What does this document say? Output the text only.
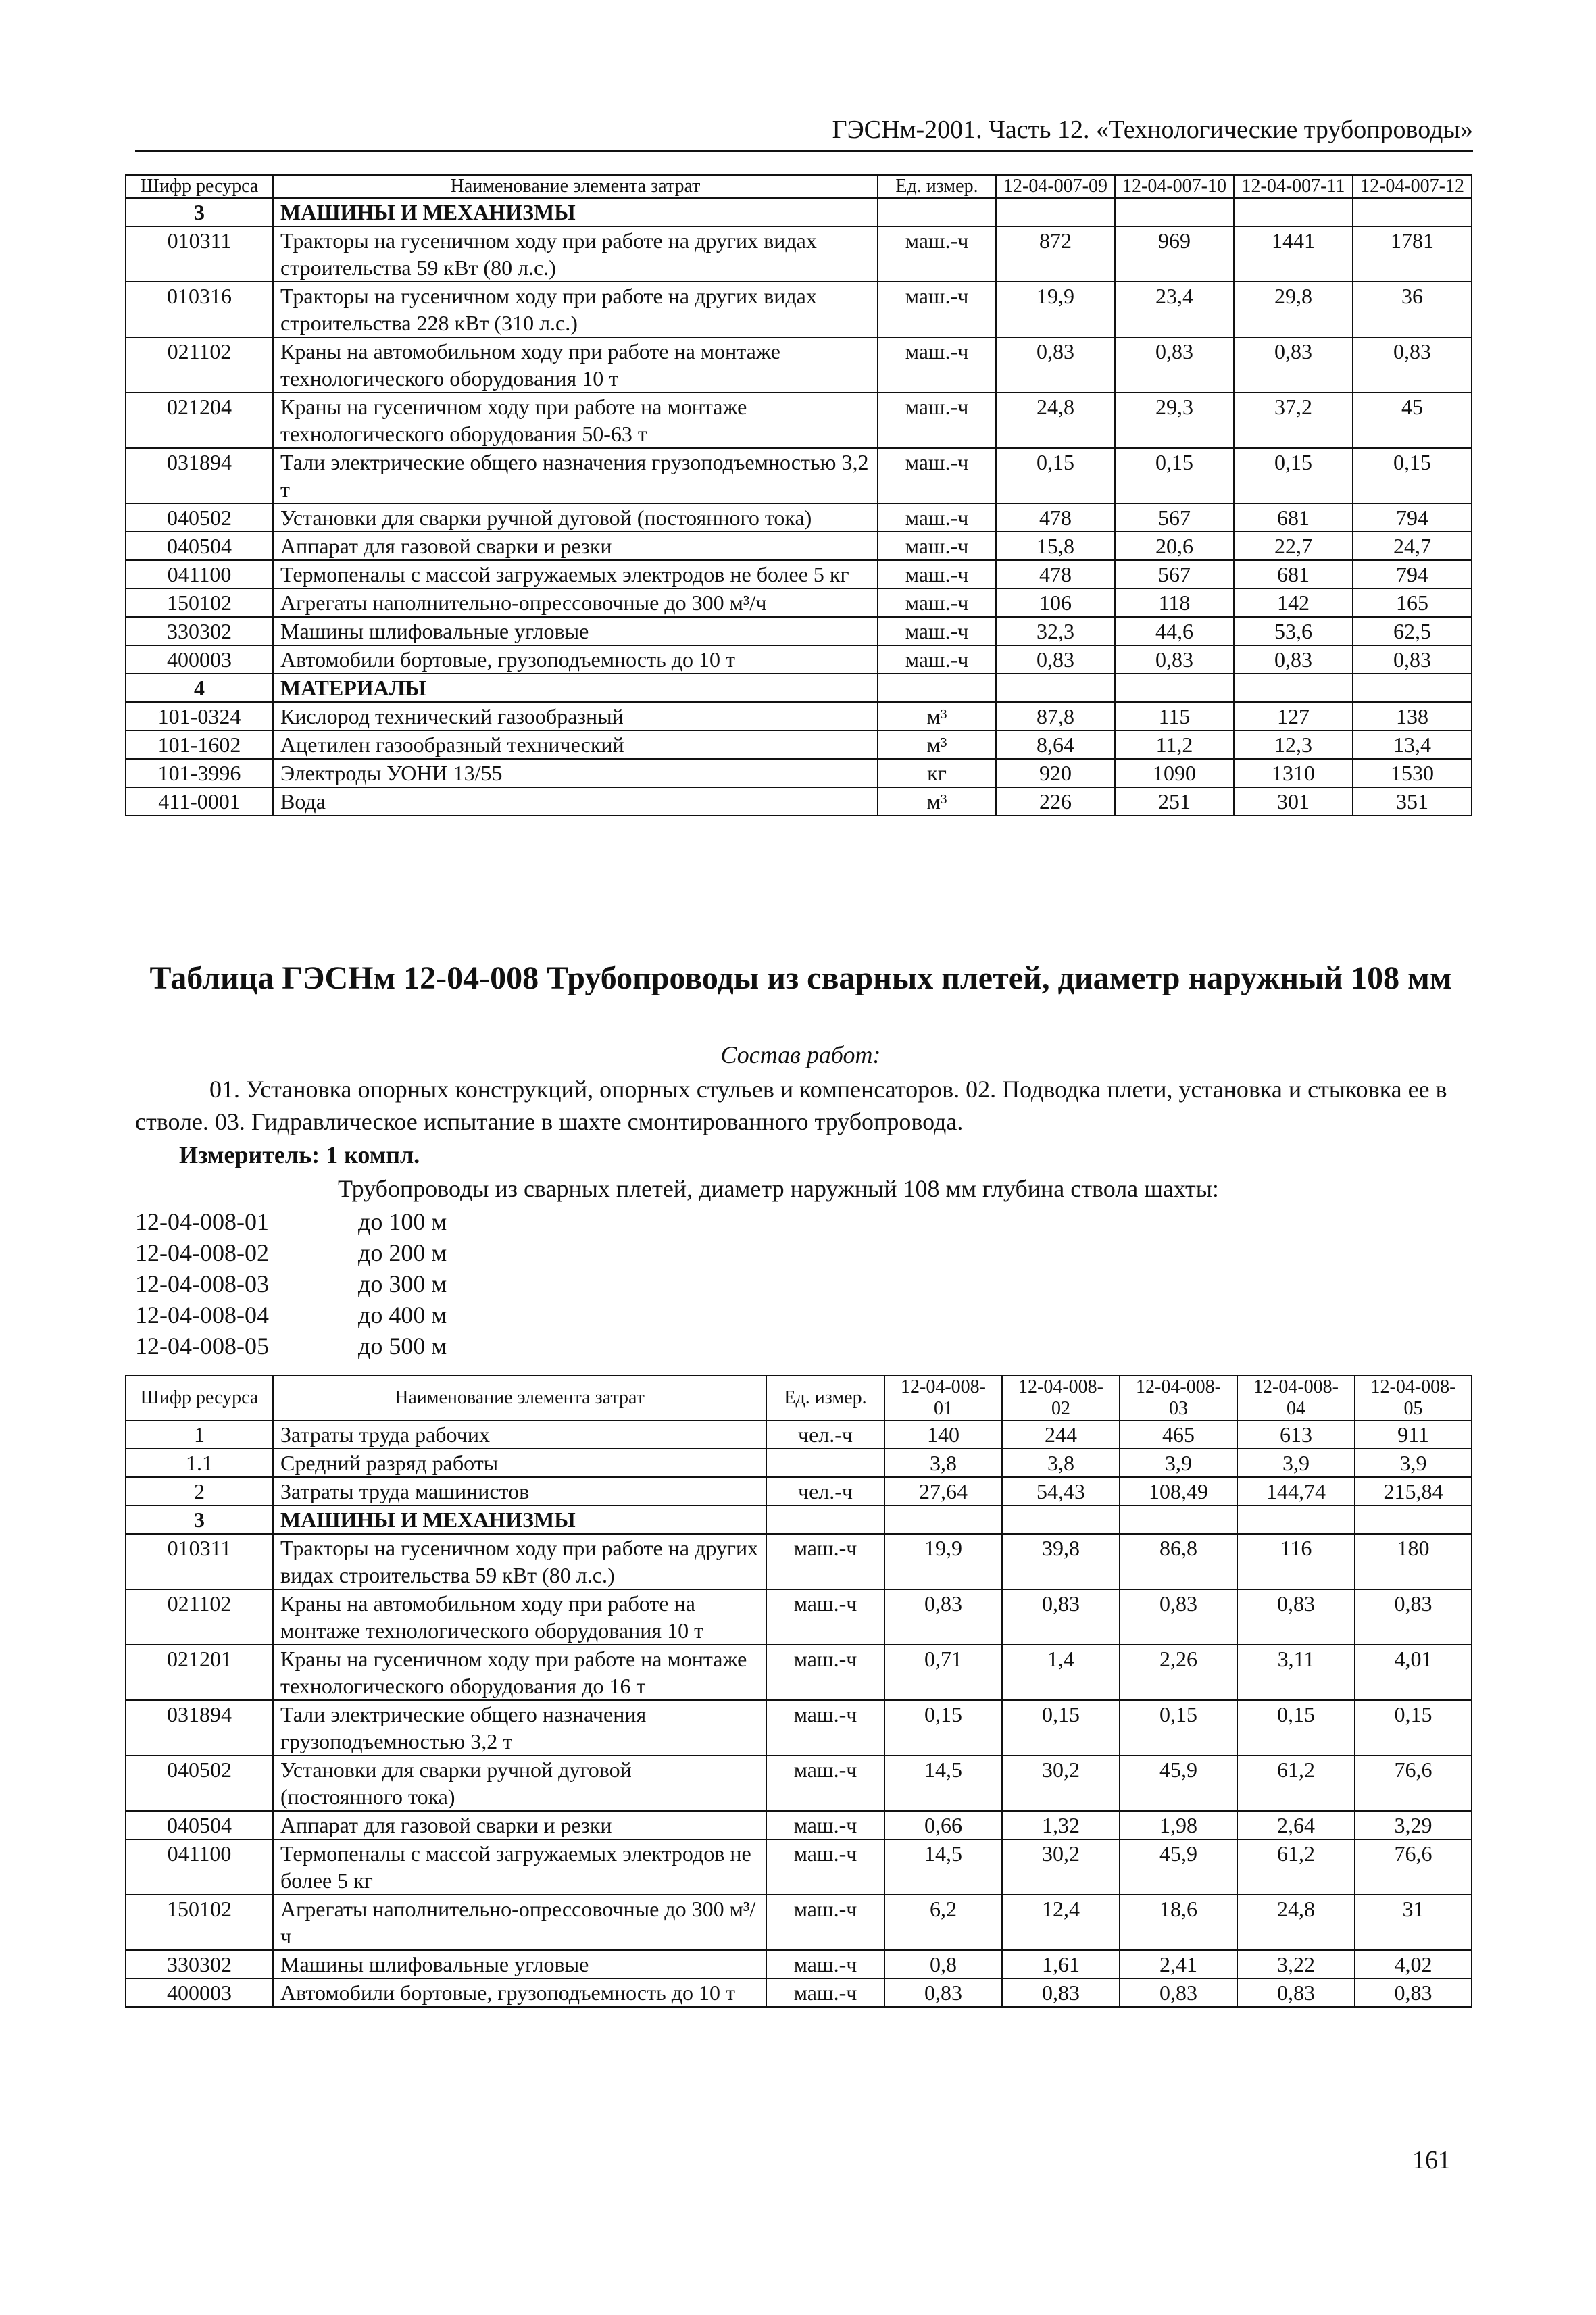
ГЭСНм-2001. Часть 12. «Технологические трубопроводы»
Шифр ресурса	Наименование элемента затрат	Ед. измер.	12-04-007-09	12-04-007-10	12-04-007-11	12-04-007-12
3	МАШИНЫ И МЕХАНИЗМЫ					
010311	Тракторы на гусеничном ходу при работе на других видах строительства 59 кВт (80 л.с.)	маш.-ч	872	969	1441	1781
010316	Тракторы на гусеничном ходу при работе на других видах строительства 228 кВт (310 л.с.)	маш.-ч	19,9	23,4	29,8	36
021102	Краны на автомобильном ходу при работе на монтаже технологического оборудования 10 т	маш.-ч	0,83	0,83	0,83	0,83
021204	Краны на гусеничном ходу при работе на монтаже технологического оборудования 50-63 т	маш.-ч	24,8	29,3	37,2	45
031894	Тали электрические общего назначения грузоподъемностью 3,2 т	маш.-ч	0,15	0,15	0,15	0,15
040502	Установки для сварки ручной дуговой (постоянного тока)	маш.-ч	478	567	681	794
040504	Аппарат для газовой сварки и резки	маш.-ч	15,8	20,6	22,7	24,7
041100	Термопеналы с массой загружаемых электродов не более 5 кг	маш.-ч	478	567	681	794
150102	Агрегаты наполнительно-опрессовочные до 300 м³/ч	маш.-ч	106	118	142	165
330302	Машины шлифовальные угловые	маш.-ч	32,3	44,6	53,6	62,5
400003	Автомобили бортовые, грузоподъемность до 10 т	маш.-ч	0,83	0,83	0,83	0,83
4	МАТЕРИАЛЫ					
101-0324	Кислород технический газообразный	м³	87,8	115	127	138
101-1602	Ацетилен газообразный технический	м³	8,64	11,2	12,3	13,4
101-3996	Электроды УОНИ 13/55	кг	920	1090	1310	1530
411-0001	Вода	м³	226	251	301	351
Таблица ГЭСНм 12-04-008 Трубопроводы из сварных плетей, диаметр наружный 108 мм
Состав работ:

01. Установка опорных конструкций, опорных стульев и компенсаторов. 02. Подводка плети, установка и стыковка ее в стволе. 03. Гидравлическое испытание в шахте смонтированного трубопровода.

Измеритель: 1 компл.
Трубопроводы из сварных плетей, диаметр наружный 108 мм глубина ствола шахты:
12-04-008-01	до 100 м
12-04-008-02	до 200 м
12-04-008-03	до 300 м
12-04-008-04	до 400 м
12-04-008-05	до 500 м
Шифр ресурса	Наименование элемента затрат	Ед. измер.	12-04-008-01	12-04-008-02	12-04-008-03	12-04-008-04	12-04-008-05
1	Затраты труда рабочих	чел.-ч	140	244	465	613	911
1.1	Средний разряд работы		3,8	3,8	3,9	3,9	3,9
2	Затраты труда машинистов	чел.-ч	27,64	54,43	108,49	144,74	215,84
3	МАШИНЫ И МЕХАНИЗМЫ						
010311	Тракторы на гусеничном ходу при работе на других видах строительства 59 кВт (80 л.с.)	маш.-ч	19,9	39,8	86,8	116	180
021102	Краны на автомобильном ходу при работе на монтаже технологического оборудования 10 т	маш.-ч	0,83	0,83	0,83	0,83	0,83
021201	Краны на гусеничном ходу при работе на монтаже технологического оборудования до 16 т	маш.-ч	0,71	1,4	2,26	3,11	4,01
031894	Тали электрические общего назначения грузоподъемностью 3,2 т	маш.-ч	0,15	0,15	0,15	0,15	0,15
040502	Установки для сварки ручной дуговой (постоянного тока)	маш.-ч	14,5	30,2	45,9	61,2	76,6
040504	Аппарат для газовой сварки и резки	маш.-ч	0,66	1,32	1,98	2,64	3,29
041100	Термопеналы с массой загружаемых электродов не более 5 кг	маш.-ч	14,5	30,2	45,9	61,2	76,6
150102	Агрегаты наполнительно-опрессовочные до 300 м³/ч	маш.-ч	6,2	12,4	18,6	24,8	31
330302	Машины шлифовальные угловые	маш.-ч	0,8	1,61	2,41	3,22	4,02
400003	Автомобили бортовые, грузоподъемность до 10 т	маш.-ч	0,83	0,83	0,83	0,83	0,83
161
